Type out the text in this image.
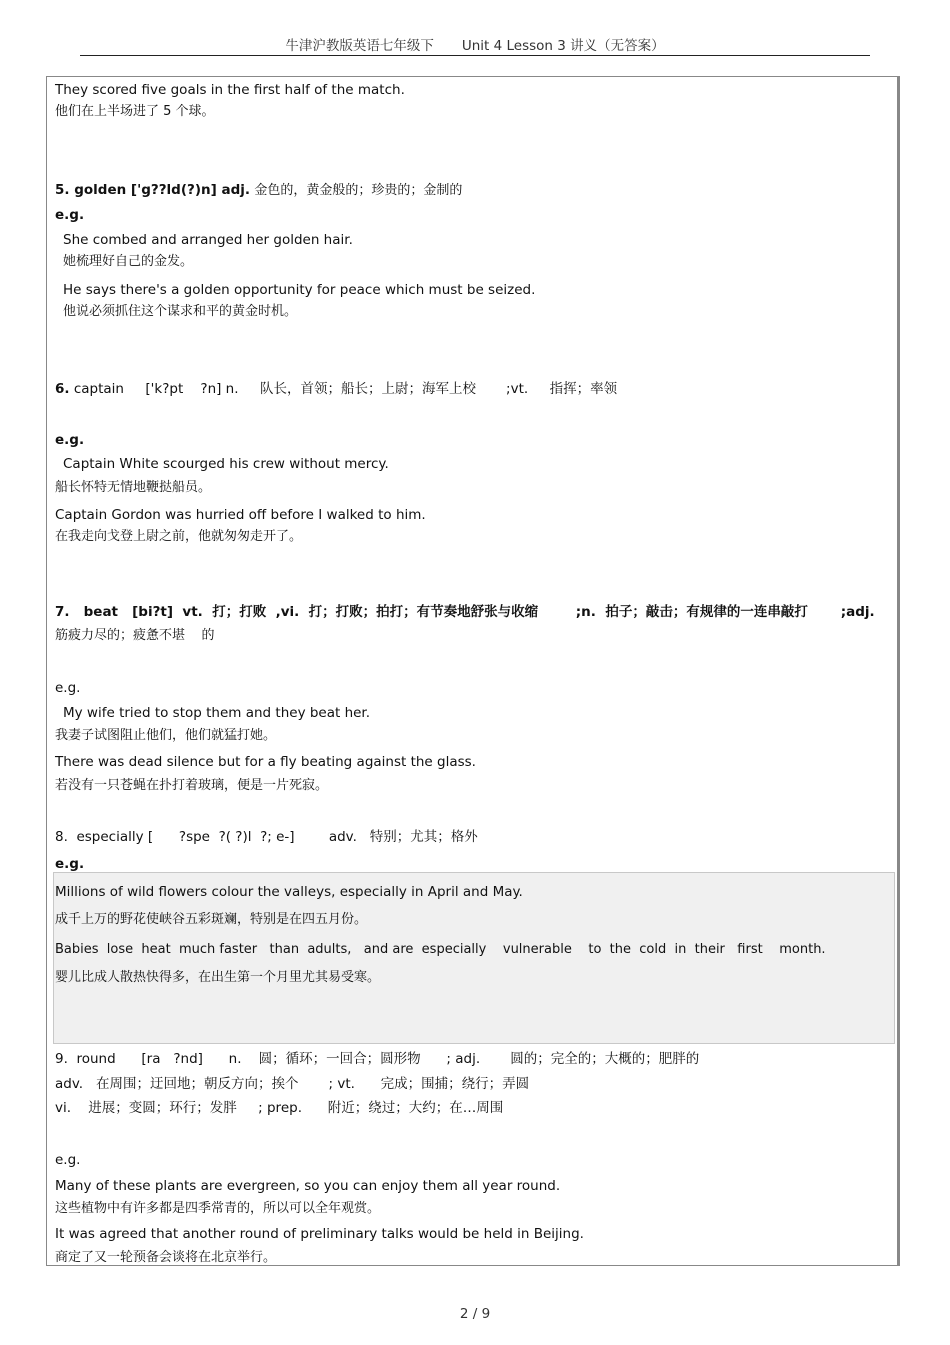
牛津沪教版英语七年级下 Unit 4 Lesson 3 讲义（无答案）
They scored five goals in the first half of the match.
他们在上半场进了 5 个球。
5. golden ['g??ld(?)n] adj. 金色的，黄金般的；珍贵的；金制的
e.g.
She combed and arranged her golden hair.
她梳理好自己的金发。
He says there's a golden opportunity for peace which must be seized.
他说必须抓住这个谋求和平的黄金时机。
6. captain     ['k?pt    ?n] n.     队长，首领；船长；上尉；海军上校       ;vt.     指挥；率领
e.g.
Captain White scourged his crew without mercy.
船长怀特无情地鞭挞船员。
Captain Gordon was hurried off before I walked to him.
在我走向戈登上尉之前，他就匆匆走开了。
7.   beat   [bi?t]  vt.  打；打败  ,vi.  打；打败；拍打；有节奏地舒张与收缩        ;n.  拍子；敲击；有规律的一连串敲打       ;adj.
筋疲力尽的；疲惫不堪    的
e.g.
My wife tried to stop them and they beat her.
我妻子试图阻止他们，他们就猛打她。
There was dead silence but for a fly beating against the glass.
若没有一只苍蝇在扑打着玻璃，便是一片死寂。
8.  especially [      ?spe  ?( ?)l  ?; e-]        adv.   特别；尤其；格外
e.g.
Millions of wild flowers colour the valleys, especially in April and May.
成千上万的野花使峡谷五彩斑斓，特别是在四五月份。
Babies  lose  heat  much faster   than  adults,   and are  especially    vulnerable    to  the  cold  in  their   first    month.
婴儿比成人散热快得多，在出生第一个月里尤其易受寒。
9.  round      [ra   ?nd]      n.    圆；循环；一回合；圆形物      ; adj.       圆的；完全的；大概的；肥胖的
adv.   在周围；迂回地；朝反方向；挨个       ; vt.      完成；围捕；绕行；弄圆
vi.    进展；变圆；环行；发胖     ; prep.      附近；绕过；大约；在…周围
e.g.
Many of these plants are evergreen, so you can enjoy them all year round.
这些植物中有许多都是四季常青的，所以可以全年观赏。
It was agreed that another round of preliminary talks would be held in Beijing.
商定了又一轮预备会谈将在北京举行。
2 / 9
